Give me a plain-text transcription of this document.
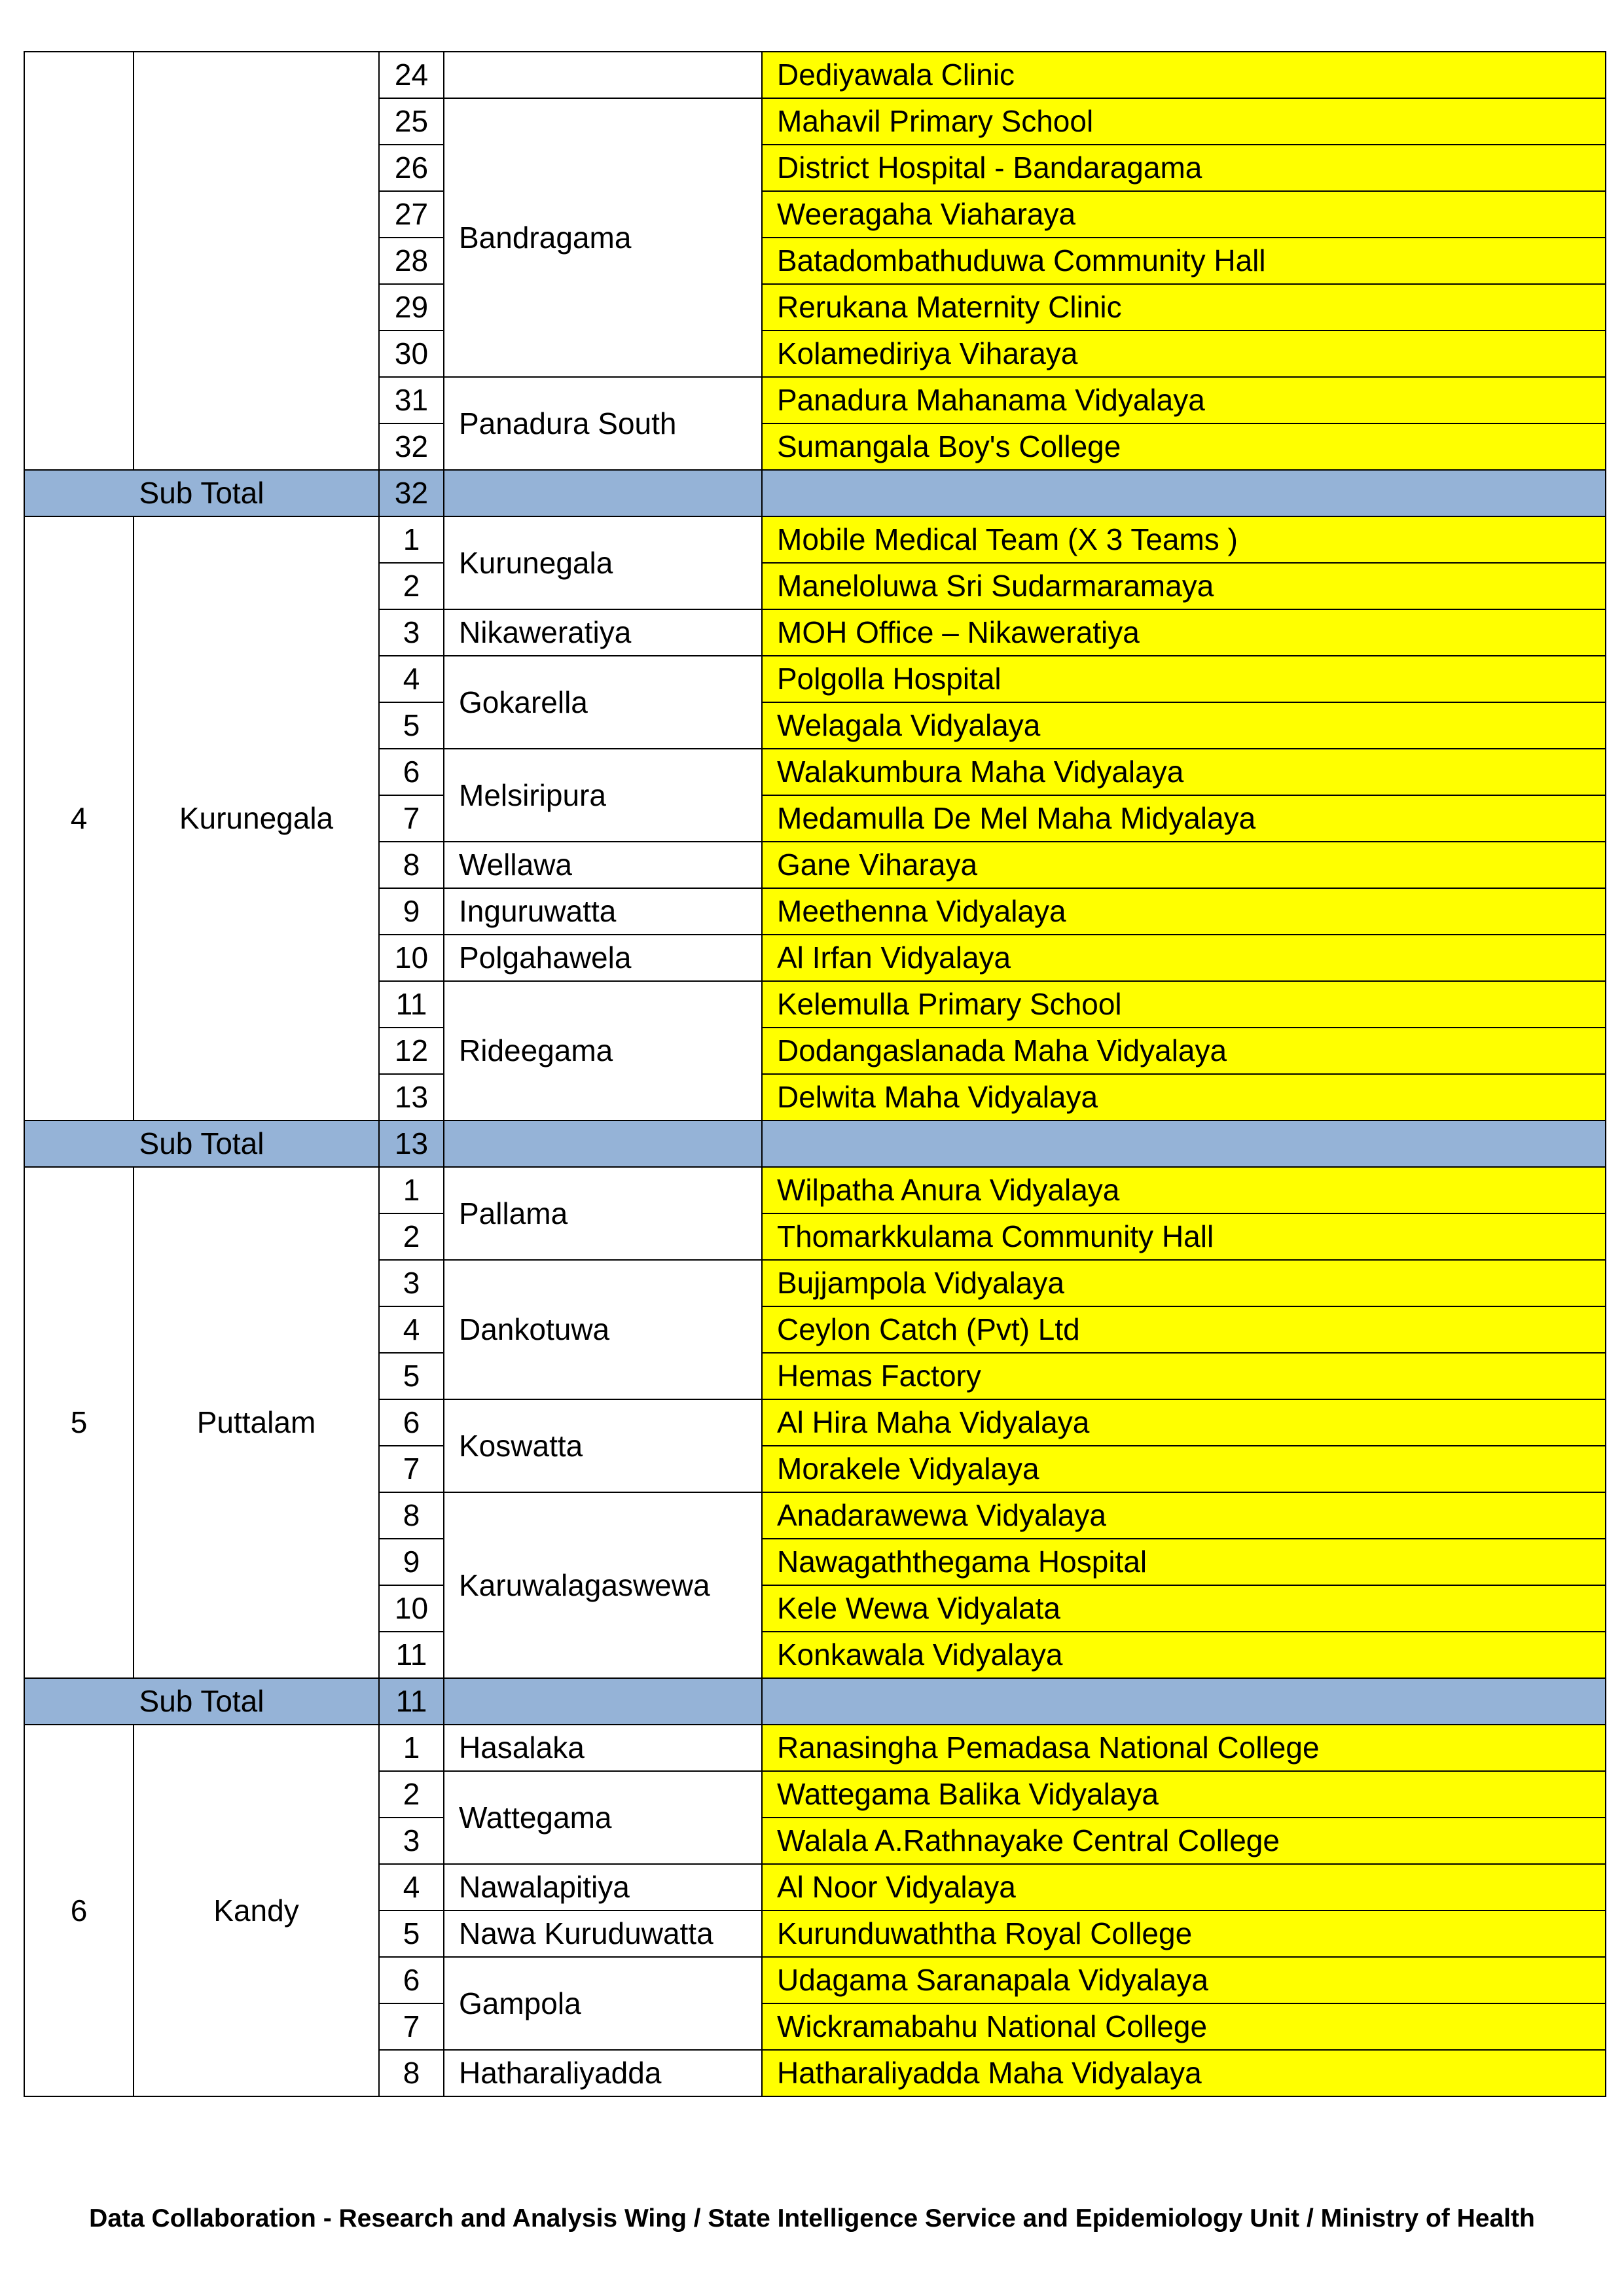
		24		Dediyawala Clinic
		25	Bandragama	Mahavil Primary School
		26		District Hospital - Bandaragama
		27		Weeragaha Viaharaya
		28		Batadombathuduwa Community Hall
		29		Rerukana Maternity Clinic
		30		Kolamediriya Viharaya
		31	Panadura South	Panadura Mahanama Vidyalaya
		32		Sumangala Boy's College
Sub Total		32		
4	Kurunegala	1	Kurunegala	Mobile Medical Team (X 3 Teams )
		2		Maneloluwa Sri Sudarmaramaya
		3	Nikaweratiya	MOH Office – Nikaweratiya
		4	Gokarella	Polgolla Hospital
		5		Welagala Vidyalaya
		6	Melsiripura	Walakumbura Maha Vidyalaya
		7		Medamulla De Mel Maha Midyalaya
		8	Wellawa	Gane Viharaya
		9	Inguruwatta	Meethenna Vidyalaya
		10	Polgahawela	Al Irfan Vidyalaya
		11	Rideegama	Kelemulla Primary School
		12		Dodangaslanada Maha Vidyalaya
		13		Delwita Maha Vidyalaya
Sub Total		13		
5	Puttalam	1	Pallama	Wilpatha Anura Vidyalaya
		2		Thomarkkulama Community Hall
		3	Dankotuwa	Bujjampola Vidyalaya
		4		Ceylon Catch (Pvt) Ltd
		5		Hemas Factory
		6	Koswatta	Al Hira Maha Vidyalaya
		7		Morakele Vidyalaya
		8	Karuwalagaswewa	Anadarawewa Vidyalaya
		9		Nawagaththegama Hospital
		10		Kele Wewa Vidyalata
		11		Konkawala Vidyalaya
Sub Total		11		
6	Kandy	1	Hasalaka	Ranasingha Pemadasa National College
		2	Wattegama	Wattegama Balika Vidyalaya
		3		Walala A.Rathnayake Central College
		4	Nawalapitiya	Al Noor Vidyalaya
		5	Nawa Kuruduwatta	Kurunduwaththa Royal College
		6	Gampola	Udagama Saranapala Vidyalaya
		7		Wickramabahu National College
		8	Hatharaliyadda	Hatharaliyadda Maha Vidyalaya
Data Collaboration - Research and Analysis Wing / State Intelligence Service and Epidemiology Unit / Ministry of Health
